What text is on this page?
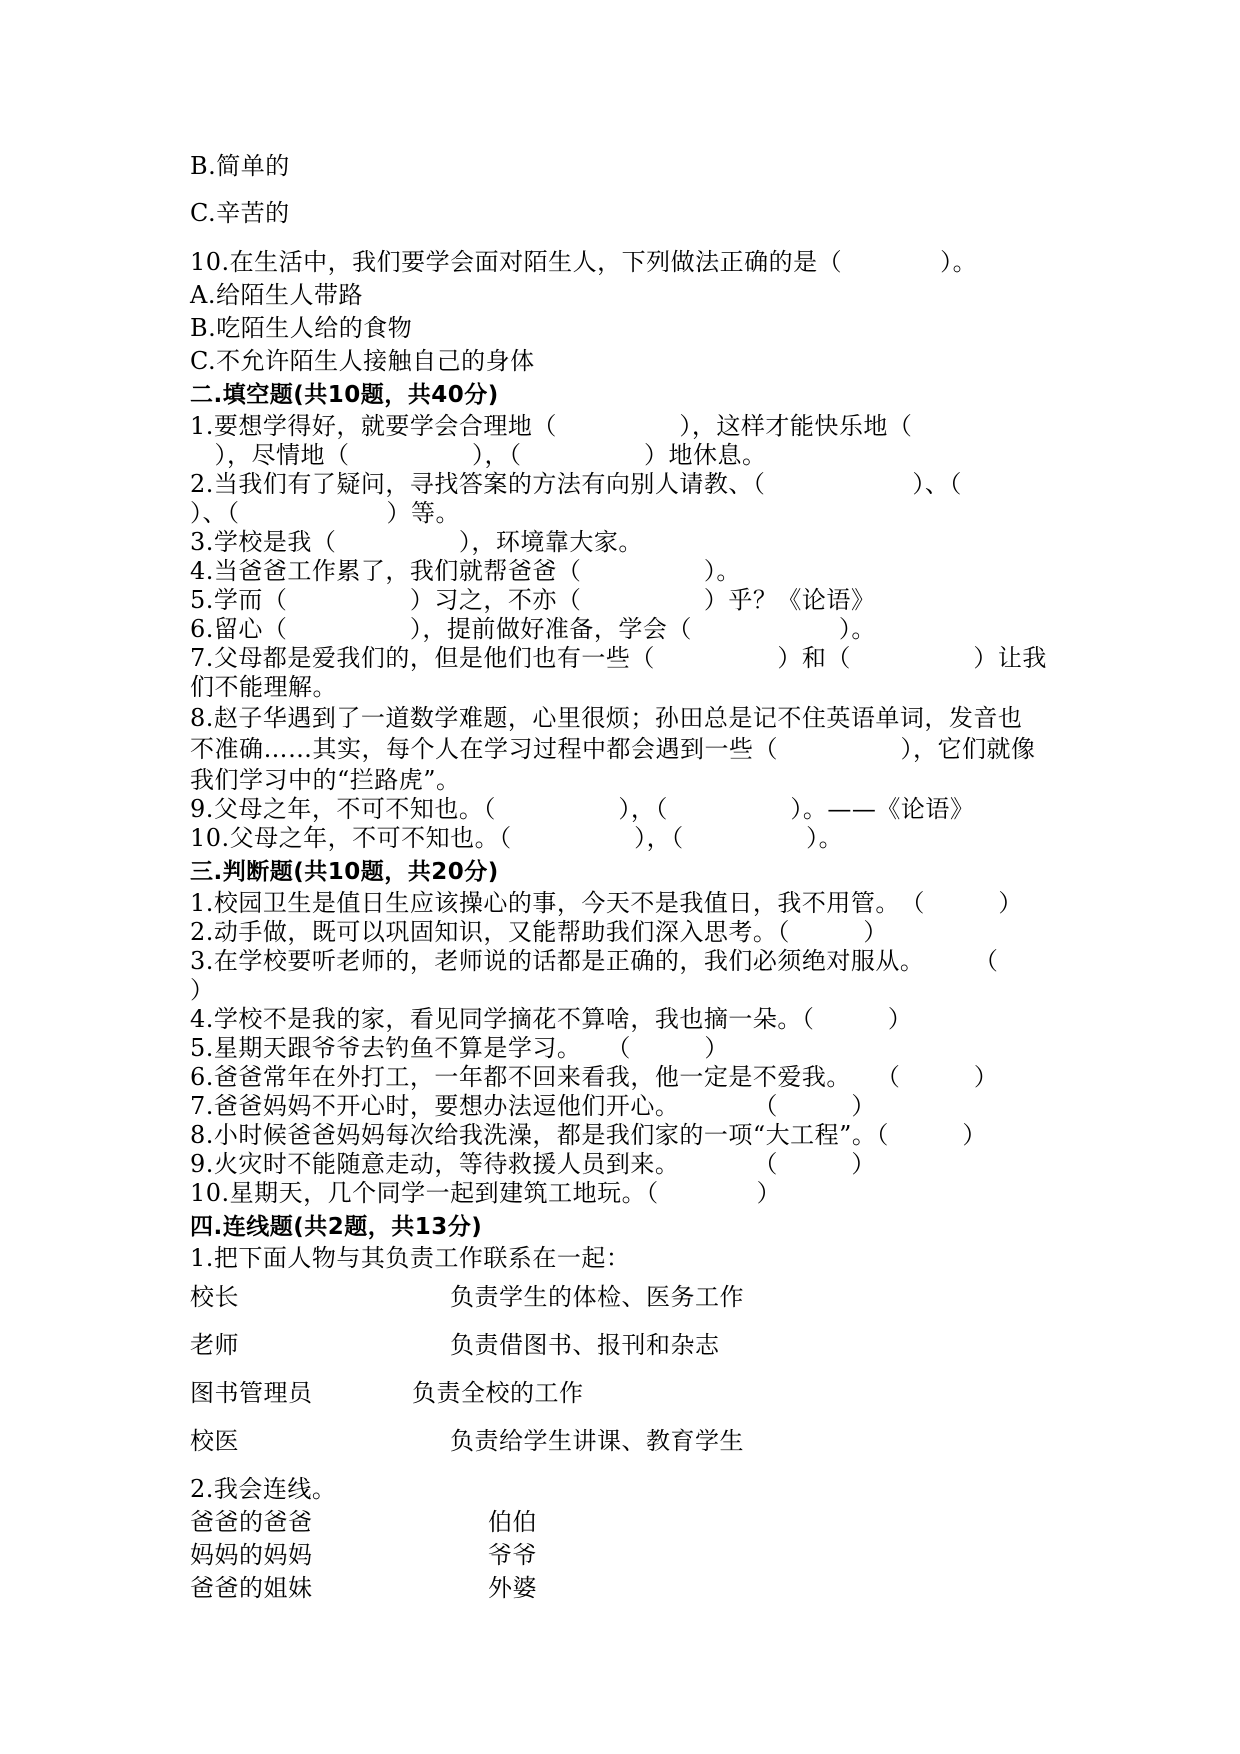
B.简单的
C.辛苦的
10.在生活中，我们要学会面对陌生人，下列做法正确的是（　　　　）。
A.给陌生人带路
B.吃陌生人给的食物
C.不允许陌生人接触自己的身体
二.填空题(共10题，共40分)
1.要想学得好，就要学会合理地（　　　　　），这样才能快乐地（
　），尽情地（　　　　　），（　　　　　）地休息。
2.当我们有了疑问，寻找答案的方法有向别人请教、（　　　　　　）、（
）、（　　　　　　）等。
3.学校是我（　　　　　），环境靠大家。
4.当爸爸工作累了，我们就帮爸爸（　　　　　）。
5.学而（　　　　　）习之，不亦（　　　　　）乎？《论语》
6.留心（　　　　　），提前做好准备，学会（　　　　　　）。
7.父母都是爱我们的，但是他们也有一些（　　　　　）和（　　　　　）让我
们不能理解。
8.赵子华遇到了一道数学难题，心里很烦；孙田总是记不住英语单词，发音也
不准确……其实，每个人在学习过程中都会遇到一些（　　　　　），它们就像
我们学习中的“拦路虎”。
9.父母之年，不可不知也。（　　　　　），（　　　　　）。——《论语》
10.父母之年，不可不知也。（　　　　　），（　　　　　）。
三.判断题(共10题，共20分)
1.校园卫生是值日生应该操心的事，今天不是我值日，我不用管。　（　　　）
2.动手做，既可以巩固知识，又能帮助我们深入思考。（　　　）
3.在学校要听老师的，老师说的话都是正确的，我们必须绝对服从。　　　（
）
4.学校不是我的家，看见同学摘花不算啥，我也摘一朵。（　　　）
5.星期天跟爷爷去钓鱼不算是学习。　　（　　　）
6.爸爸常年在外打工，一年都不回来看我，他一定是不爱我。　　（　　　）
7.爸爸妈妈不开心时，要想办法逗他们开心。　　　　（　　　）
8.小时候爸爸妈妈每次给我洗澡，都是我们家的一项“大工程”。（　　　）
9.火灾时不能随意走动，等待救援人员到来。　　　　（　　　）
10.星期天，几个同学一起到建筑工地玩。（　　　　）
四.连线题(共2题，共13分)
1.把下面人物与其负责工作联系在一起：
校长	负责学生的体检、医务工作
老师	负责借图书、报刊和杂志
图书管理员	负责全校的工作
校医	负责给学生讲课、教育学生
2.我会连线。
爸爸的爸爸	伯伯
妈妈的妈妈	爷爷
爸爸的姐妹	外婆
